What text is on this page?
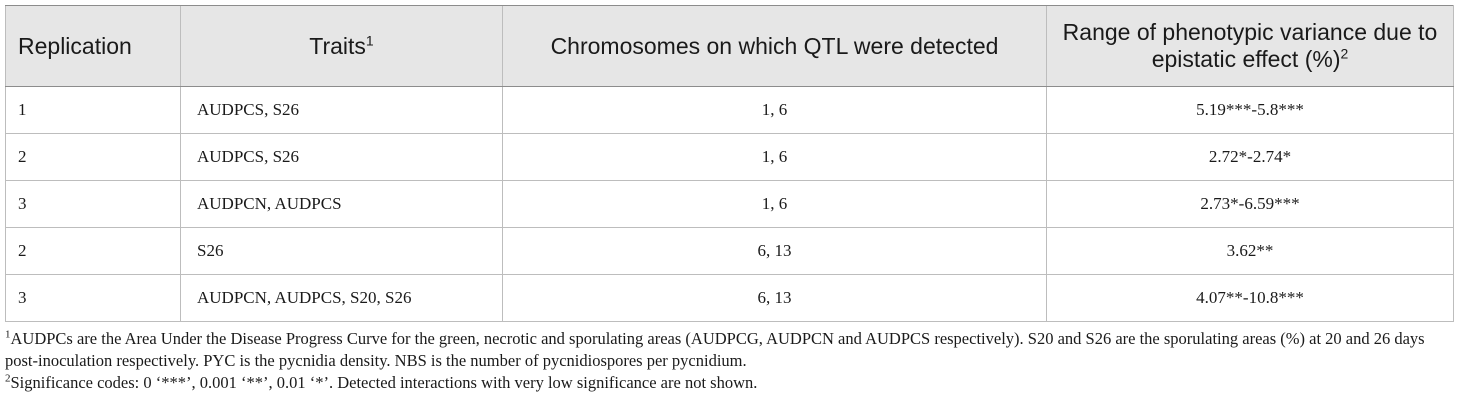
Replication	Traits$^1$	Chromosomes on which QTL were detected	Range of phenotypic variance due to epistatic effect (%)$^2$
1	AUDPCS, S26	1, 6	5.19***-5.8***
2	AUDPCS, S26	1, 6	2.72*-2.74*
3	AUDPCN, AUDPCS	1, 6	2.73*-6.59***
2	S26	6, 13	3.62**
3	AUDPCN, AUDPCS, S20, S26	6, 13	4.07**-10.8***

$^1$AUDPCs are the Area Under the Disease Progress Curve for the green, necrotic and sporulating areas (AUDPCG, AUDPCN and AUDPCS respectively). S20 and S26 are the sporulating areas (%) at 20 and 26 days post-inoculation respectively. PYC is the pycnidia density. NBS is the number of pycnidiospores per pycnidium.

$^2$Significance codes: 0 ‘***’, 0.001 ‘**’, 0.01 ‘*’. Detected interactions with very low significance are not shown.
